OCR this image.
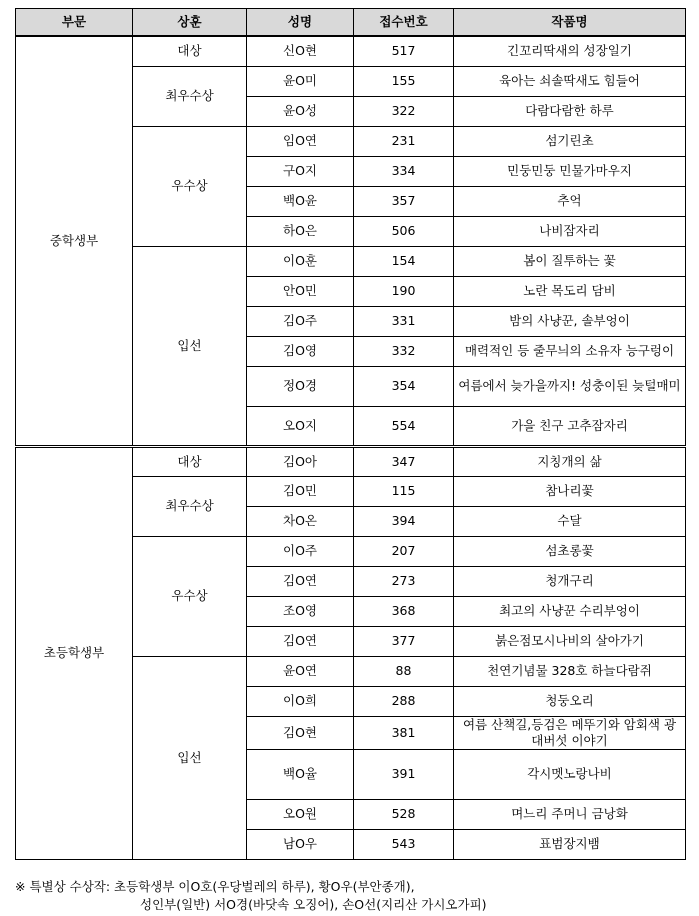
부문	상훈	성명	접수번호	작품명
중학생부	대상	신O현	517	긴꼬리딱새의 성장일기
	최우수상	윤O미	155	육아는 쇠솔딱새도 힘들어
		윤O성	322	다람다람한 하루
	우수상	임O연	231	섬기린초
		구O지	334	민둥민둥 민물가마우지
		백O윤	357	추억
		하O은	506	나비잠자리
	입선	이O훈	154	봄이 질투하는 꽃
		안O민	190	노란 목도리 담비
		김O주	331	밤의 사냥꾼, 솔부엉이
		김O영	332	매력적인 등 줄무늬의 소유자 능구렁이
		정O경	354	여름에서 늦가을까지! 성충이된 늦털매미
		오O지	554	가을 친구 고추잠자리
초등학생부	대상	김O아	347	지칭개의 삶
	최우수상	김O민	115	참나리꽃
		차O온	394	수달
	우수상	이O주	207	섬초롱꽃
		김O연	273	청개구리
		조O영	368	최고의 사냥꾼 수리부엉이
		김O연	377	붉은점모시나비의 살아가기
	입선	윤O연	88	천연기념물 328호 하늘다람쥐
		이O희	288	청둥오리
		김O현	381	여름 산책길,등검은 메뚜기와 암회색 광대버섯 이야기
		백O율	391	각시멧노랑나비
		오O원	528	며느리 주머니 금낭화
		남O우	543	표범장지뱀
※ 특별상 수상작: 초등학생부 이O호(우당벌레의 하루), 황O우(부안종개),
성인부(일반) 서O경(바닷속 오징어), 손O선(지리산 가시오가피)
